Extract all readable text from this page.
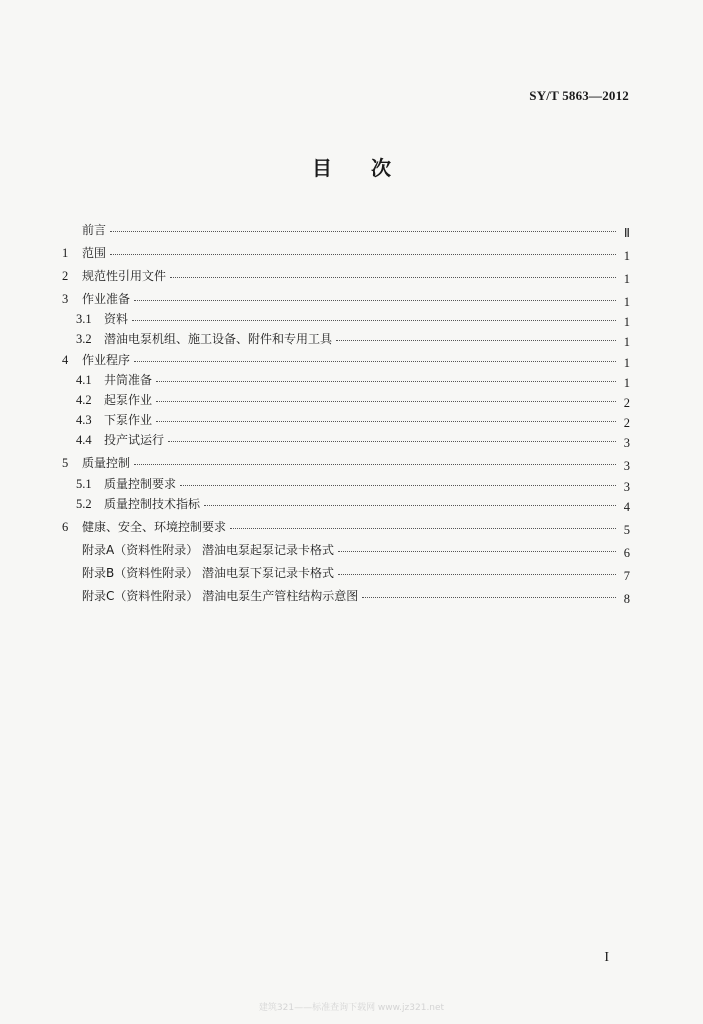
SY/T 5863—2012
目 次
前言	Ⅱ
1	范围	1
2	规范性引用文件	1
3	作业准备	1
3.1	资料	1
3.2	潜油电泵机组、施工设备、附件和专用工具	1
4	作业程序	1
4.1	井筒准备	1
4.2	起泵作业	2
4.3	下泵作业	2
4.4	投产试运行	3
5	质量控制	3
5.1	质量控制要求	3
5.2	质量控制技术指标	4
6	健康、安全、环境控制要求	5
附录A（资料性附录） 潜油电泵起泵记录卡格式	6
附录B（资料性附录） 潜油电泵下泵记录卡格式	7
附录C（资料性附录） 潜油电泵生产管柱结构示意图	8
I
建筑321——标准查询下载网 www.jz321.net
